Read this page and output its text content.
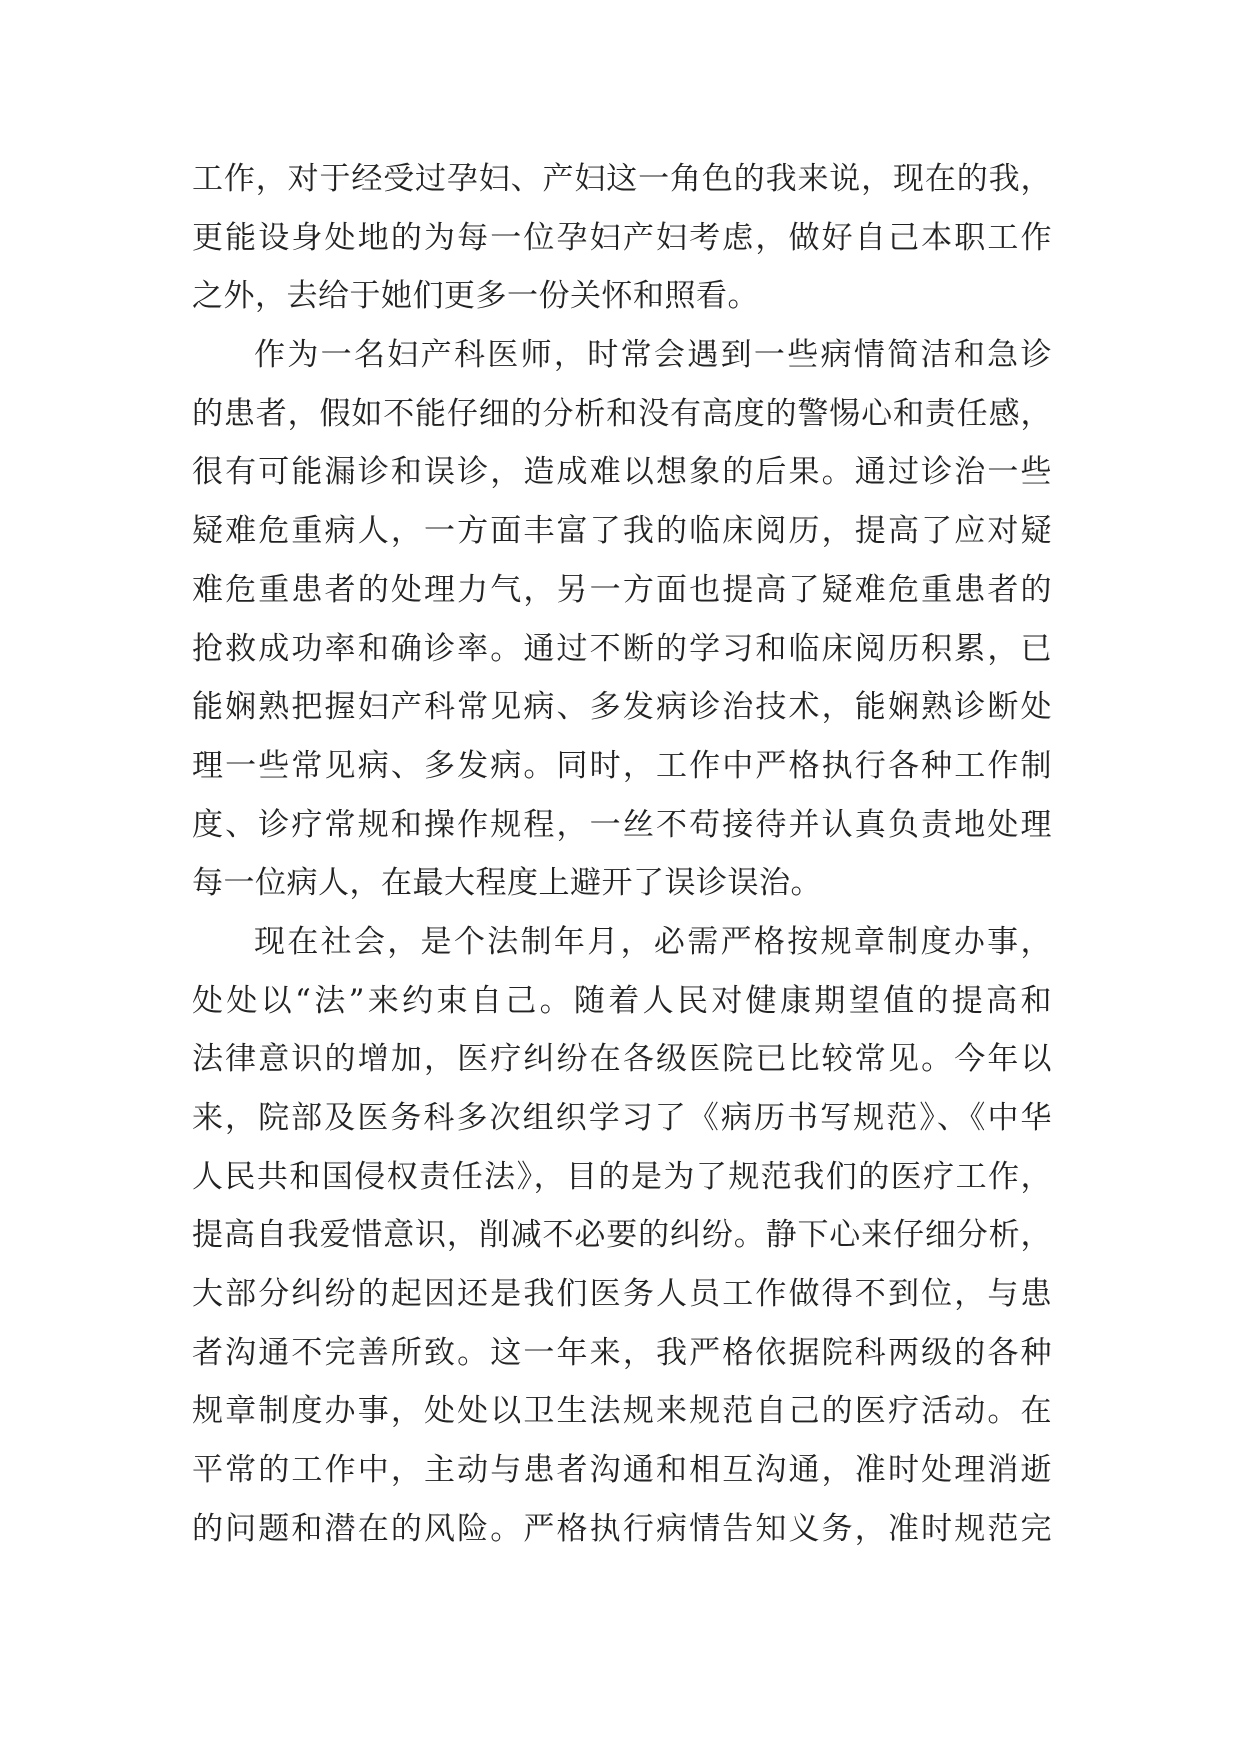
工作，对于经受过孕妇、产妇这一角色的我来说，现在的我，
更能设身处地的为每一位孕妇产妇考虑，做好自己本职工作
之外，去给于她们更多一份关怀和照看。
作为一名妇产科医师，时常会遇到一些病情简洁和急诊
的患者，假如不能仔细的分析和没有高度的警惕心和责任感，
很有可能漏诊和误诊，造成难以想象的后果。通过诊治一些
疑难危重病人，一方面丰富了我的临床阅历，提高了应对疑
难危重患者的处理力气，另一方面也提高了疑难危重患者的
抢救成功率和确诊率。通过不断的学习和临床阅历积累，已
能娴熟把握妇产科常见病、多发病诊治技术，能娴熟诊断处
理一些常见病、多发病。同时，工作中严格执行各种工作制
度、诊疗常规和操作规程，一丝不苟接待并认真负责地处理
每一位病人，在最大程度上避开了误诊误治。
现在社会，是个法制年月，必需严格按规章制度办事，
处处以“法”来约束自己。随着人民对健康期望值的提高和
法律意识的增加，医疗纠纷在各级医院已比较常见。今年以
来，院部及医务科多次组织学习了《病历书写规范》、《中华
人民共和国侵权责任法》，目的是为了规范我们的医疗工作，
提高自我爱惜意识，削减不必要的纠纷。静下心来仔细分析，
大部分纠纷的起因还是我们医务人员工作做得不到位，与患
者沟通不完善所致。这一年来，我严格依据院科两级的各种
规章制度办事，处处以卫生法规来规范自己的医疗活动。在
平常的工作中，主动与患者沟通和相互沟通，准时处理消逝
的问题和潜在的风险。严格执行病情告知义务，准时规范完
